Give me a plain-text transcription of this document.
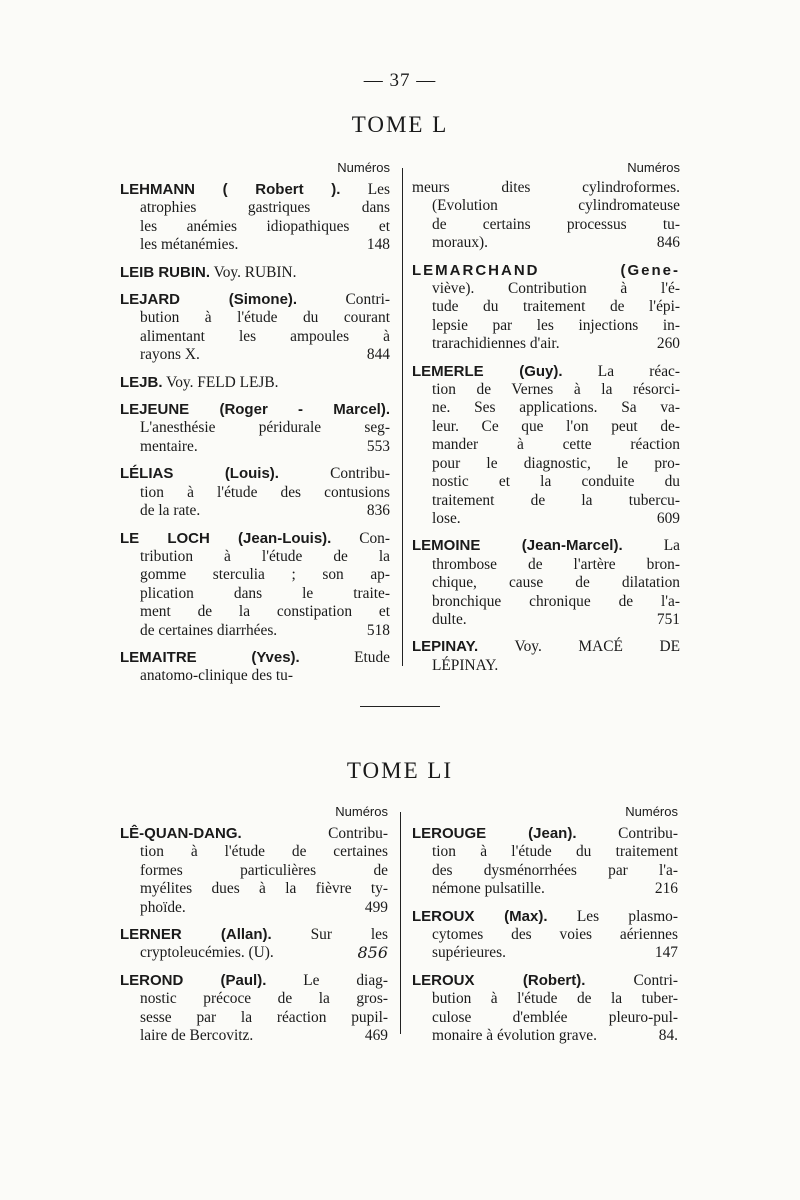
— 37 —
TOME L
Numéros
LEHMANN ( Robert ). Les
atrophies gastriques dans
les anémies idiopathiques et
les métanémies.	148
LEIB RUBIN. Voy. RUBIN.
LEJARD (Simone). Contri-
bution à l'étude du courant
alimentant les ampoules à
rayons X.	844
LEJB. Voy. FELD LEJB.
LEJEUNE (Roger - Marcel).
L'anesthésie péridurale seg-
mentaire.	553
LÉLIAS (Louis). Contribu-
tion à l'étude des contusions
de la rate.	836
LE LOCH (Jean-Louis). Con-
tribution à l'étude de la
gomme sterculia ; son ap-
plication dans le traite-
ment de la constipation et
de certaines diarrhées.	518
LEMAITRE (Yves). Etude
anatomo-clinique des tu-
Numéros
meurs dites cylindroformes.
(Evolution cylindromateuse
de certains processus tu-
moraux).	846
LEMARCHAND (Gene-
viève). Contribution à l'é-
tude du traitement de l'épi-
lepsie par les injections in-
trarachidiennes d'air.	260
LEMERLE (Guy). La réac-
tion de Vernes à la résorci-
ne. Ses applications. Sa va-
leur. Ce que l'on peut de-
mander à cette réaction
pour le diagnostic, le pro-
nostic et la conduite du
traitement de la tubercu-
lose.	609
LEMOINE (Jean-Marcel). La
thrombose de l'artère bron-
chique, cause de dilatation
bronchique chronique de l'a-
dulte.	751
LEPINAY. Voy. MACÉ DE
LÉPINAY.
TOME LI
Numéros
LÊ-QUAN-DANG. Contribu-
tion à l'étude de certaines
formes particulières de
myélites dues à la fièvre ty-
phoïde.	499
LERNER (Allan). Sur les
cryptoleucémies. (U).	856
LEROND (Paul). Le diag-
nostic précoce de la gros-
sesse par la réaction pupil-
laire de Bercovitz.	469
Numéros
LEROUGE (Jean). Contribu-
tion à l'étude du traitement
des dysménorrhées par l'a-
némone pulsatille.	216
LEROUX (Max). Les plasmo-
cytomes des voies aériennes
supérieures.	147
LEROUX (Robert). Contri-
bution à l'étude de la tuber-
culose d'emblée pleuro-pul-
monaire à évolution grave.	84.
